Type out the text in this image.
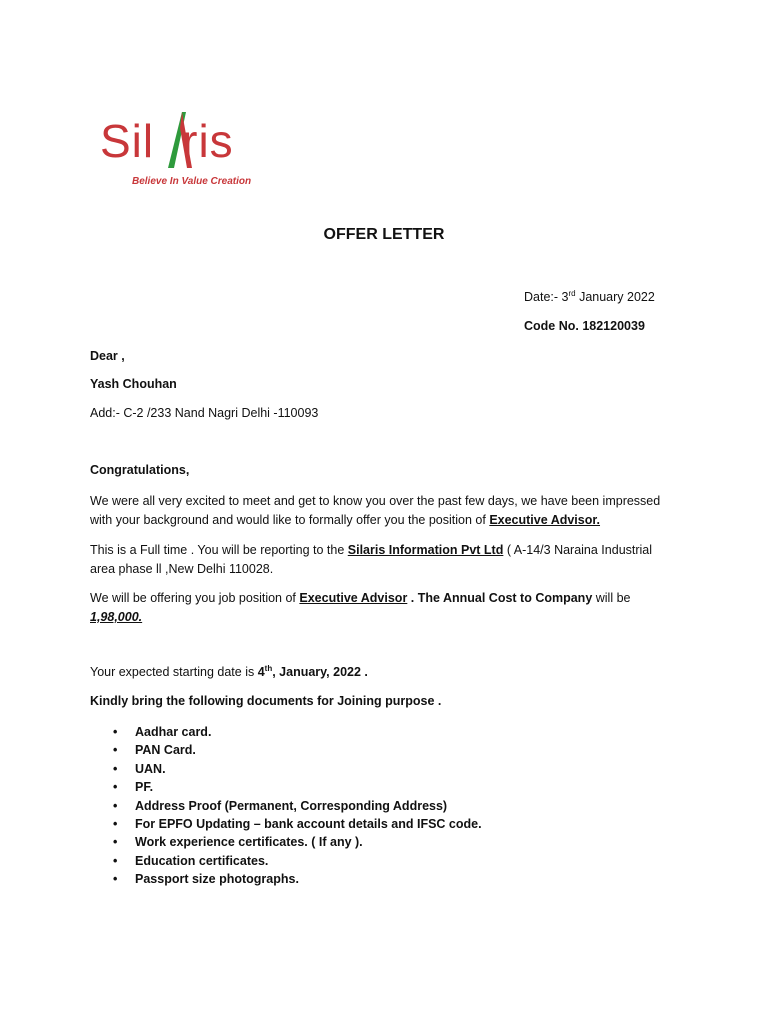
Sil ris
Believe In Value Creation
OFFER LETTER
Date:- 3rd January 2022
Code No. 182120039
Dear ,
Yash Chouhan
Add:- C-2 /233 Nand Nagri Delhi -110093
Congratulations,
We were all very excited to meet and get to know you over the past few days, we have been impressed with your background and would like to formally offer you the position of Executive Advisor.
This is a Full time . You will be reporting to the Silaris Information Pvt Ltd ( A-14/3 Naraina Industrial area phase ll ,New Delhi 110028.
We will be offering you job position of Executive Advisor . The Annual Cost to Company will be
1,98,000.
Your expected starting date is 4th, January, 2022 .
Kindly bring the following documents for Joining purpose .
• Aadhar card.
• PAN Card.
• UAN.
• PF.
• Address Proof (Permanent, Corresponding Address)
• For EPFO Updating – bank account details and IFSC code.
• Work experience certificates. ( If any ).
• Education certificates.
• Passport size photographs.
